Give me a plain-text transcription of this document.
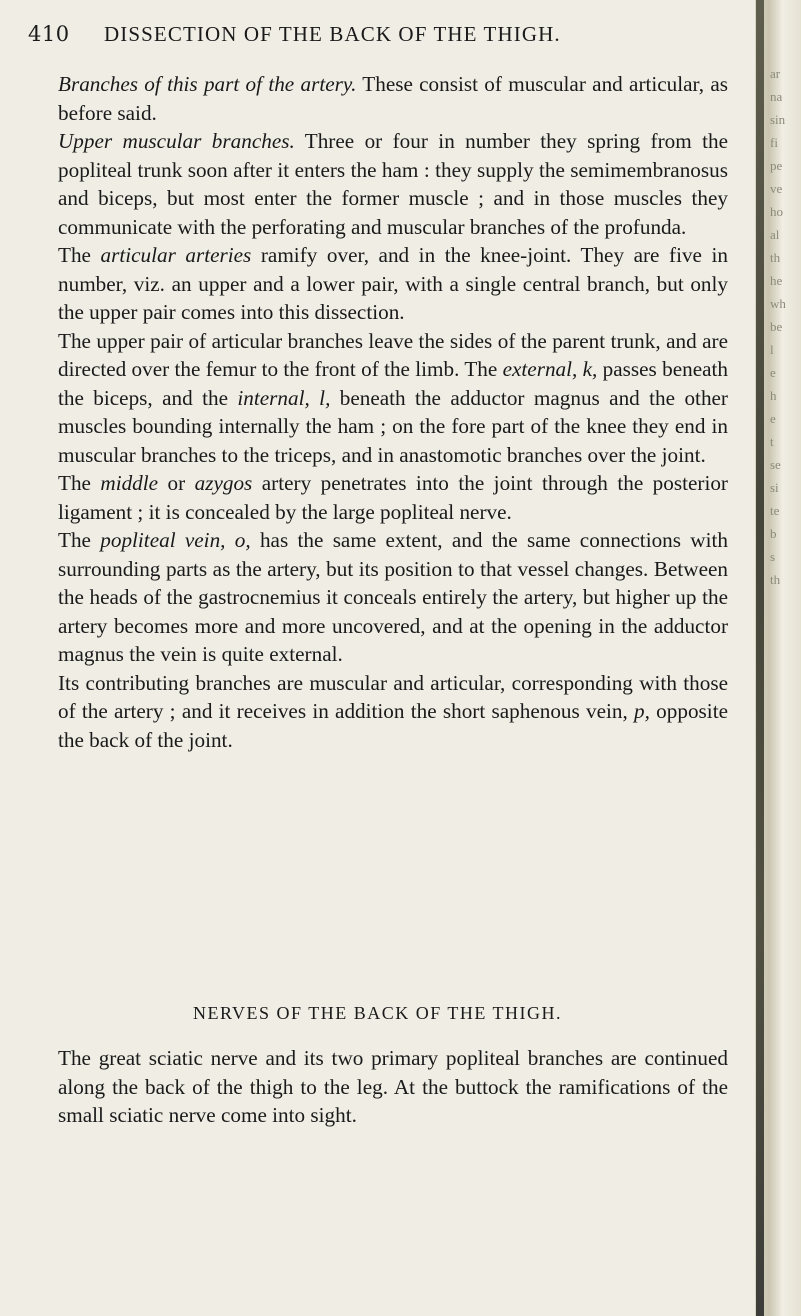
410 DISSECTION OF THE BACK OF THE THIGH.

Branches of this part of the artery. These consist of muscular and articular, as before said.

Upper muscular branches. Three or four in number they spring from the popliteal trunk soon after it enters the ham : they supply the semimembranosus and biceps, but most enter the former muscle ; and in those muscles they communicate with the perforating and muscular branches of the profunda.

The articular arteries ramify over, and in the knee-joint. They are five in number, viz. an upper and a lower pair, with a single central branch, but only the upper pair comes into this dissection.

The upper pair of articular branches leave the sides of the parent trunk, and are directed over the femur to the front of the limb. The external, k, passes beneath the biceps, and the internal, l, beneath the adductor magnus and the other muscles bounding internally the ham ; on the fore part of the knee they end in muscular branches to the triceps, and in anastomotic branches over the joint.

The middle or azygos artery penetrates into the joint through the posterior ligament ; it is concealed by the large popliteal nerve.

The popliteal vein, o, has the same extent, and the same connections with surrounding parts as the artery, but its position to that vessel changes. Between the heads of the gastrocnemius it conceals entirely the artery, but higher up the artery becomes more and more uncovered, and at the opening in the adductor magnus the vein is quite external.

Its contributing branches are muscular and articular, corresponding with those of the artery ; and it receives in addition the short saphenous vein, p, opposite the back of the joint.

NERVES OF THE BACK OF THE THIGH.

The great sciatic nerve and its two primary popliteal branches are continued along the back of the thigh to the leg. At the buttock the ramifications of the small sciatic nerve come into sight.

ar
na
sin
fi
pe
ve
ho
al
th
he
wh
be
l
e
h
e
t
se
si
te
b
s
th
